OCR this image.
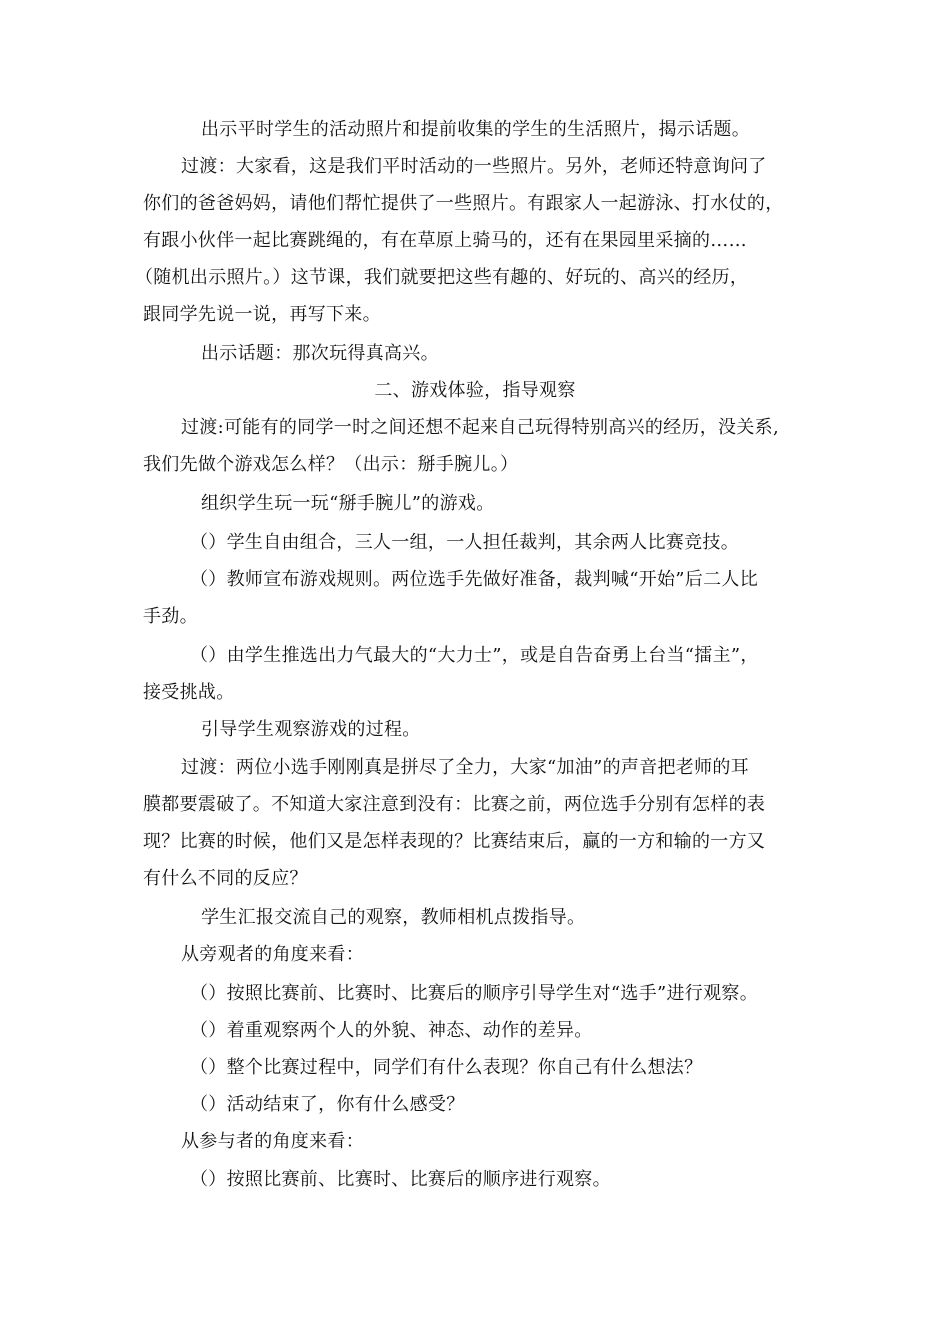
出示平时学生的活动照片和提前收集的学生的生活照片，揭示话题。
过渡：大家看，这是我们平时活动的一些照片。另外，老师还特意询问了
你们的爸爸妈妈，请他们帮忙提供了一些照片。有跟家人一起游泳、打水仗的，
有跟小伙伴一起比赛跳绳的，有在草原上骑马的，还有在果园里采摘的……
（随机出示照片。）这节课，我们就要把这些有趣的、好玩的、高兴的经历，
跟同学先说一说，再写下来。
出示话题：那次玩得真高兴。
二、游戏体验，指导观察
过渡:可能有的同学一时之间还想不起来自己玩得特别高兴的经历，没关系,
我们先做个游戏怎么样？（出示：掰手腕儿。）
组织学生玩一玩“掰手腕儿”的游戏。
（）学生自由组合，三人一组，一人担任裁判，其余两人比赛竞技。
（）教师宣布游戏规则。两位选手先做好准备，裁判喊“开始”后二人比
手劲。
（）由学生推选出力气最大的“大力士”，或是自告奋勇上台当“擂主”，
接受挑战。
引导学生观察游戏的过程。
过渡：两位小选手刚刚真是拼尽了全力，大家“加油”的声音把老师的耳
膜都要震破了。不知道大家注意到没有：比赛之前，两位选手分别有怎样的表
现？比赛的时候，他们又是怎样表现的？比赛结束后，赢的一方和输的一方又
有什么不同的反应？
学生汇报交流自己的观察，教师相机点拨指导。
从旁观者的角度来看：
（）按照比赛前、比赛时、比赛后的顺序引导学生对“选手”进行观察。
（）着重观察两个人的外貌、神态、动作的差异。
（）整个比赛过程中，同学们有什么表现？你自己有什么想法？
（）活动结束了，你有什么感受？
从参与者的角度来看：
（）按照比赛前、比赛时、比赛后的顺序进行观察。
